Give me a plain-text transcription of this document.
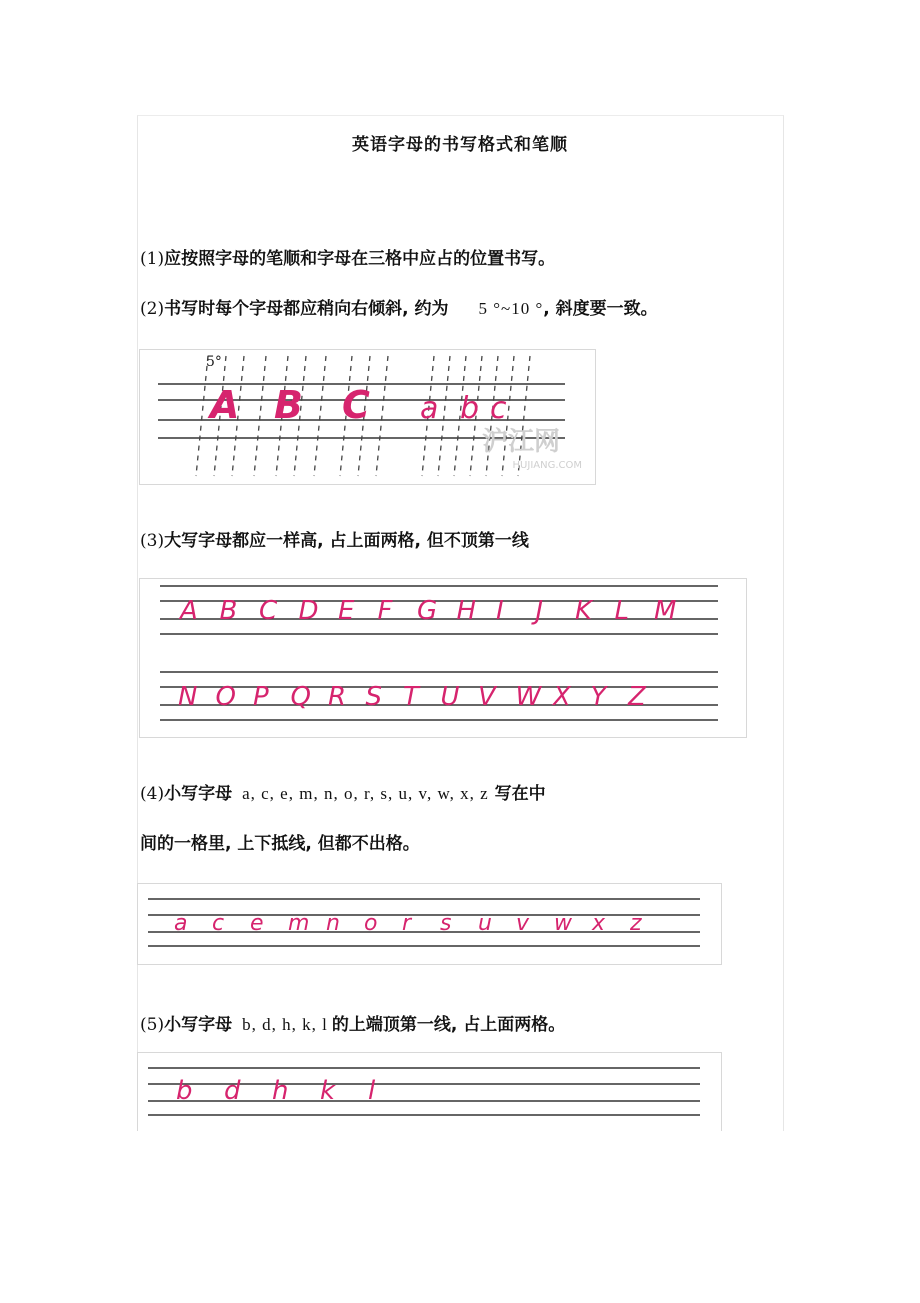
英语字母的书写格式和笔顺
(1)应按照字母的笔顺和字母在三格中应占的位置书写。
(2)书写时每个字母都应稍向右倾斜, 约为 5 °~10 °, 斜度要一致。
5°
沪江网
HUJIANG.COM
A B C a b c
(3)大写字母都应一样高, 占上面两格, 但不顶第一线
A B C D E F G H I J K L M
N O P Q R S T U V W X Y Z
(4)小写字母 a, c, e, m, n, o, r, s, u, v, w, x, z 写在中
间的一格里, 上下抵线, 但都不出格。
a c e m n o r s u v w x z
(5)小写字母 b, d, h, k, l 的上端顶第一线, 占上面两格。
b d h k l
